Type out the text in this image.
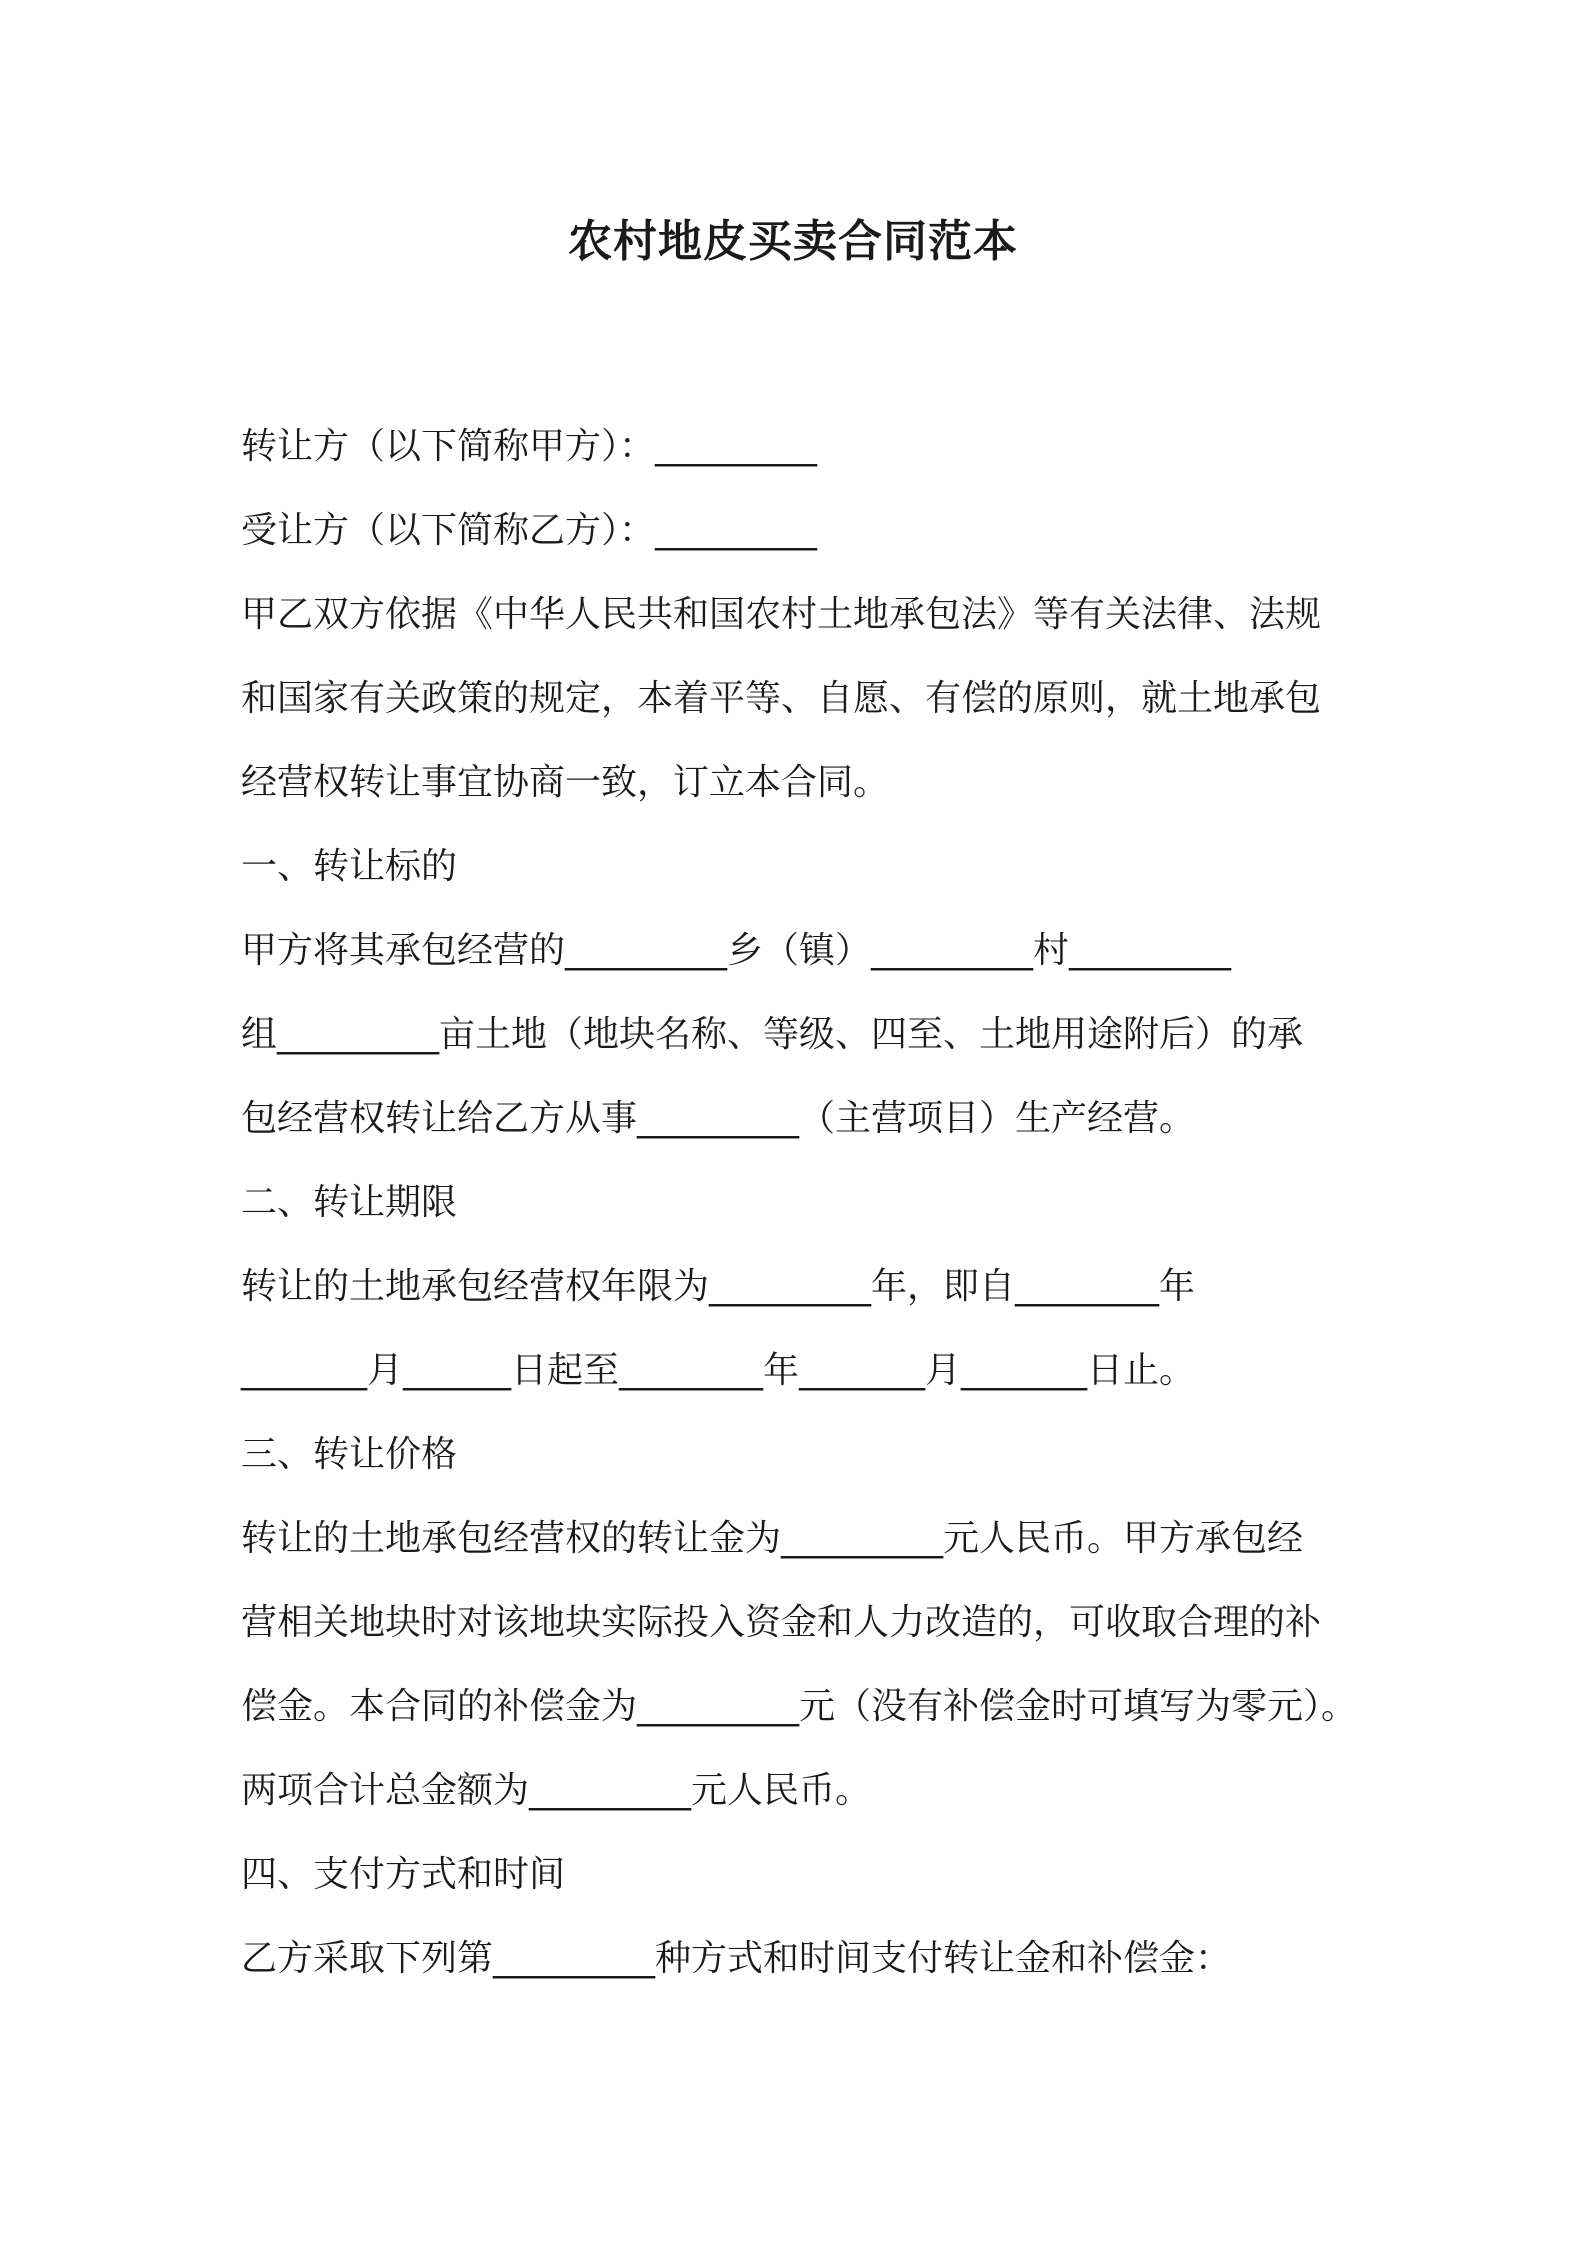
农村地皮买卖合同范本

转让方（以下简称甲方）：_________

受让方（以下简称乙方）：_________

甲乙双方依据《中华人民共和国农村土地承包法》等有关法律、法规

和国家有关政策的规定，本着平等、自愿、有偿的原则，就土地承包

经营权转让事宜协商一致，订立本合同。

一、转让标的

甲方将其承包经营的_________乡（镇）_________村_________

组_________亩土地（地块名称、等级、四至、土地用途附后）的承

包经营权转让给乙方从事_________（主营项目）生产经营。

二、转让期限

转让的土地承包经营权年限为_________年，即自________年

_______月______日起至________年_______月_______日止。

三、转让价格

转让的土地承包经营权的转让金为_________元人民币。甲方承包经

营相关地块时对该地块实际投入资金和人力改造的，可收取合理的补

偿金。本合同的补偿金为_________元（没有补偿金时可填写为零元）。

两项合计总金额为_________元人民币。

四、支付方式和时间

乙方采取下列第_________种方式和时间支付转让金和补偿金：
